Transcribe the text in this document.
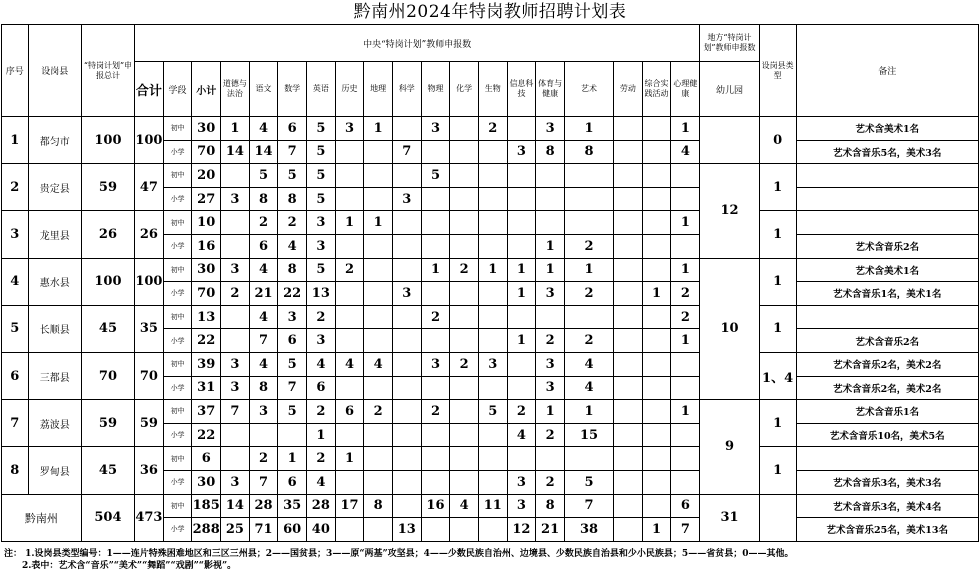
黔南州2024年特岗教师招聘计划表
序号	设岗县	“特岗计划”申报总计	中央“特岗计划”教师申报数																			地方“特岗计划”教师申报数	设岗县类型	备注
			合计	学段	小计	道德与法治	语文	数学	英语	历史	地理	科学	物理	化学	生物	信息科技	体育与健康	艺术	劳动	综合实践活动	心理健康	幼儿园		
1	都匀市	100	100	初中	30	1	4	6	5	3	1		3		2		3	1			1		0	艺术含美术1名
				小学	70	14	14	7	5			7				3	8	8			4			艺术含音乐5名，美术3名
2	贵定县	59	47	初中	20		5	5	5				5									12	1	
				小学	27	3	8	8	5			3												
3	龙里县	26	26	初中	10		2	2	3	1	1										1		1	
				小学	16		6	4	3								1	2						艺术含音乐2名
4	惠水县	100	100	初中	30	3	4	8	5	2			1	2	1	1	1	1			1	10	1	艺术含美术1名
				小学	70	2	21	22	13			3				1	3	2		1	2			艺术含音乐1名，美术1名
5	长顺县	45	35	初中	13		4	3	2				2								2		1	
				小学	22		7	6	3							1	2	2			1			艺术含音乐2名
6	三都县	70	70	初中	39	3	4	5	4	4	4		3	2	3		3	4					1、4	艺术含音乐2名，美术2名
				小学	31	3	8	7	6								3	4						艺术含音乐2名，美术2名
7	荔波县	59	59	初中	37	7	3	5	2	6	2		2		5	2	1	1			1	9	1	艺术含音乐1名
				小学	22				1							4	2	15						艺术含音乐10名，美术5名
8	罗甸县	45	36	初中	6		2	1	2	1													1	
				小学	30	3	7	6	4							3	2	5						艺术含音乐3名，美术3名
黔南州		504	473	初中	185	14	28	35	28	17	8		16	4	11	3	8	7			6	31		艺术含音乐3名，美术4名
				小学	288	25	71	60	40			13				12	21	38		1	7			艺术含音乐25名，美术13名
注： 1.设岗县类型编号：1——连片特殊困难地区和三区三州县；2——国贫县；3——原“两基”攻坚县；4——少数民族自治州、边境县、少数民族自治县和少小民族县；5——省贫县；0——其他。
2.表中：艺术含“音乐”“美术”“舞蹈”“戏剧”“影视”。
